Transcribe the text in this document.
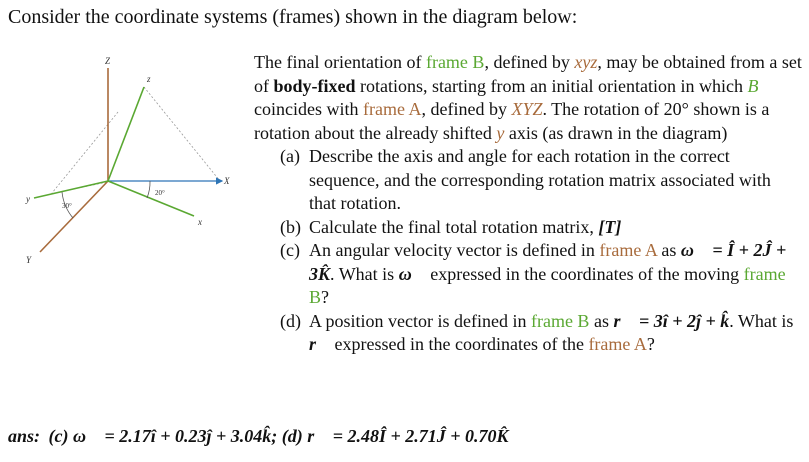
Consider the coordinate systems (frames) shown in the diagram below:
Z
z
X
x
y
Y
20°
30°

The final orientation of frame B, defined by xyz, may be obtained from a set of body-fixed rotations, starting from an initial orientation in which B coincides with frame A, defined by XYZ. The rotation of 20° shown is a rotation about the already shifted y axis (as drawn in the diagram)

(a) Describe the axis and angle for each rotation in the correct sequence, and the corresponding rotation matrix associated with that rotation.
(b) Calculate the final total rotation matrix, [T]
(c) An angular velocity vector is defined in frame A as ω⃗ = Î + 2Ĵ + 3K̂. What is ω⃗ expressed in the coordinates of the moving frame B?
(d) A position vector is defined in frame B as r⃗ = 3î + 2ĵ + k̂. What is r⃗ expressed in the coordinates of the frame A?
ans: (c) ω⃗ = 2.17î + 0.23ĵ + 3.04k̂; (d) r⃗ = 2.48Î + 2.71Ĵ + 0.70K̂
